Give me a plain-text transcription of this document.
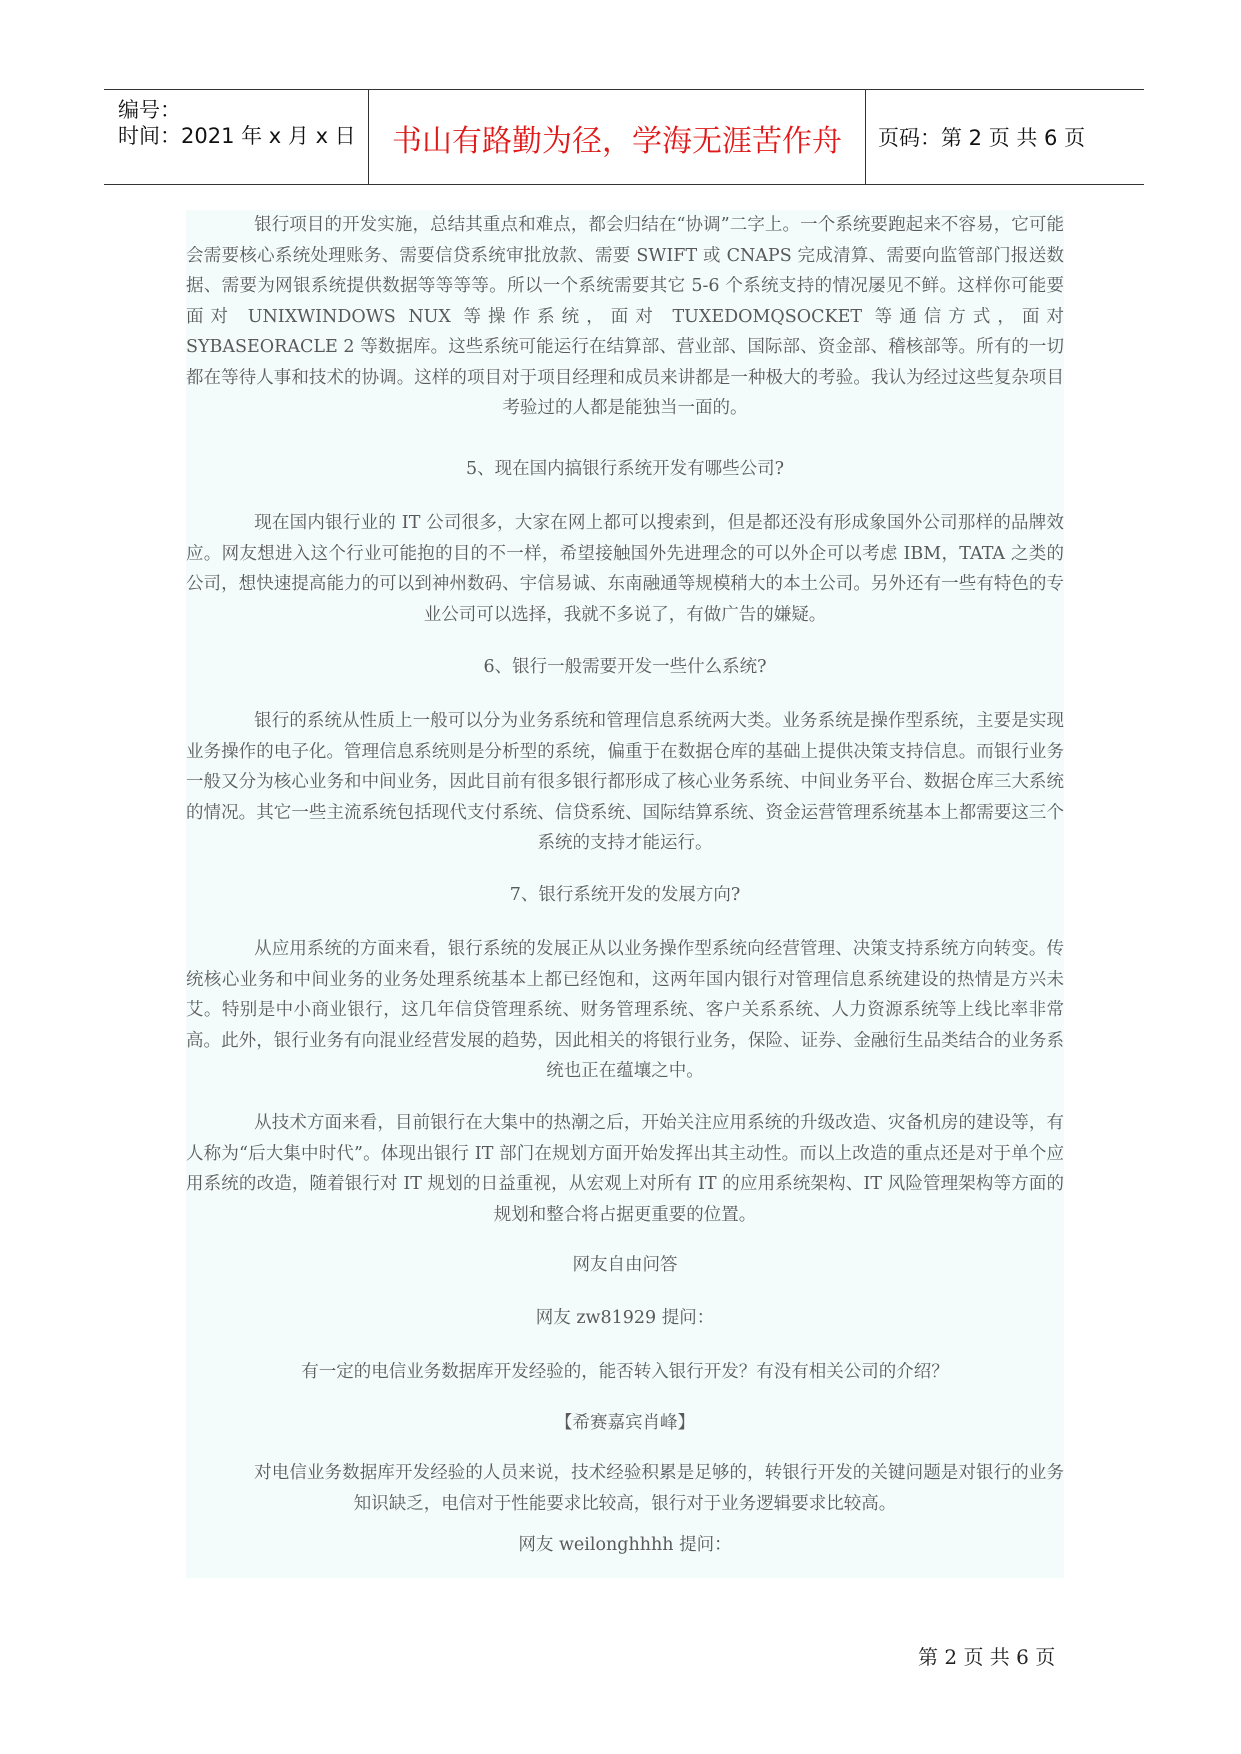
编号：
时间：2021 年 x 月 x 日	书山有路勤为径，学海无涯苦作舟	页码：第 2 页 共 6 页
银行项目的开发实施，总结其重点和难点，都会归结在“协调”二字上。一个系统要跑起来不容易，它可能会需要核心系统处理账务、需要信贷系统审批放款、需要 SWIFT 或 CNAPS 完成清算、需要向监管部门报送数据、需要为网银系统提供数据等等等等。所以一个系统需要其它 5-6 个系统支持的情况屡见不鲜。这样你可能要面对 UNIXWINDOWS NUX 等操作系统，面对 TUXEDOMQSOCKET 等通信方式，面对 SYBASEORACLE 2 等数据库。这些系统可能运行在结算部、营业部、国际部、资金部、稽核部等。所有的一切都在等待人事和技术的协调。这样的项目对于项目经理和成员来讲都是一种极大的考验。我认为经过这些复杂项目考验过的人都是能独当一面的。
5、现在国内搞银行系统开发有哪些公司?
现在国内银行业的 IT 公司很多，大家在网上都可以搜索到，但是都还没有形成象国外公司那样的品牌效应。网友想进入这个行业可能抱的目的不一样，希望接触国外先进理念的可以外企可以考虑 IBM，TATA 之类的公司，想快速提高能力的可以到神州数码、宇信易诚、东南融通等规模稍大的本土公司。另外还有一些有特色的专业公司可以选择，我就不多说了，有做广告的嫌疑。
6、银行一般需要开发一些什么系统?
银行的系统从性质上一般可以分为业务系统和管理信息系统两大类。业务系统是操作型系统，主要是实现业务操作的电子化。管理信息系统则是分析型的系统，偏重于在数据仓库的基础上提供决策支持信息。而银行业务一般又分为核心业务和中间业务，因此目前有很多银行都形成了核心业务系统、中间业务平台、数据仓库三大系统的情况。其它一些主流系统包括现代支付系统、信贷系统、国际结算系统、资金运营管理系统基本上都需要这三个系统的支持才能运行。
7、银行系统开发的发展方向?
从应用系统的方面来看，银行系统的发展正从以业务操作型系统向经营管理、决策支持系统方向转变。传统核心业务和中间业务的业务处理系统基本上都已经饱和，这两年国内银行对管理信息系统建设的热情是方兴未艾。特别是中小商业银行，这几年信贷管理系统、财务管理系统、客户关系系统、人力资源系统等上线比率非常高。此外，银行业务有向混业经营发展的趋势，因此相关的将银行业务，保险、证券、金融衍生品类结合的业务系统也正在蕴壤之中。
从技术方面来看，目前银行在大集中的热潮之后，开始关注应用系统的升级改造、灾备机房的建设等，有人称为“后大集中时代”。体现出银行 IT 部门在规划方面开始发挥出其主动性。而以上改造的重点还是对于单个应用系统的改造，随着银行对 IT 规划的日益重视，从宏观上对所有 IT 的应用系统架构、IT 风险管理架构等方面的规划和整合将占据更重要的位置。
网友自由问答
网友 zw81929 提问：
有一定的电信业务数据库开发经验的，能否转入银行开发？有没有相关公司的介绍？
【希赛嘉宾肖峰】
对电信业务数据库开发经验的人员来说，技术经验积累是足够的，转银行开发的关键问题是对银行的业务知识缺乏，电信对于性能要求比较高，银行对于业务逻辑要求比较高。
网友 weilonghhhh 提问：
第 2 页 共 6 页
